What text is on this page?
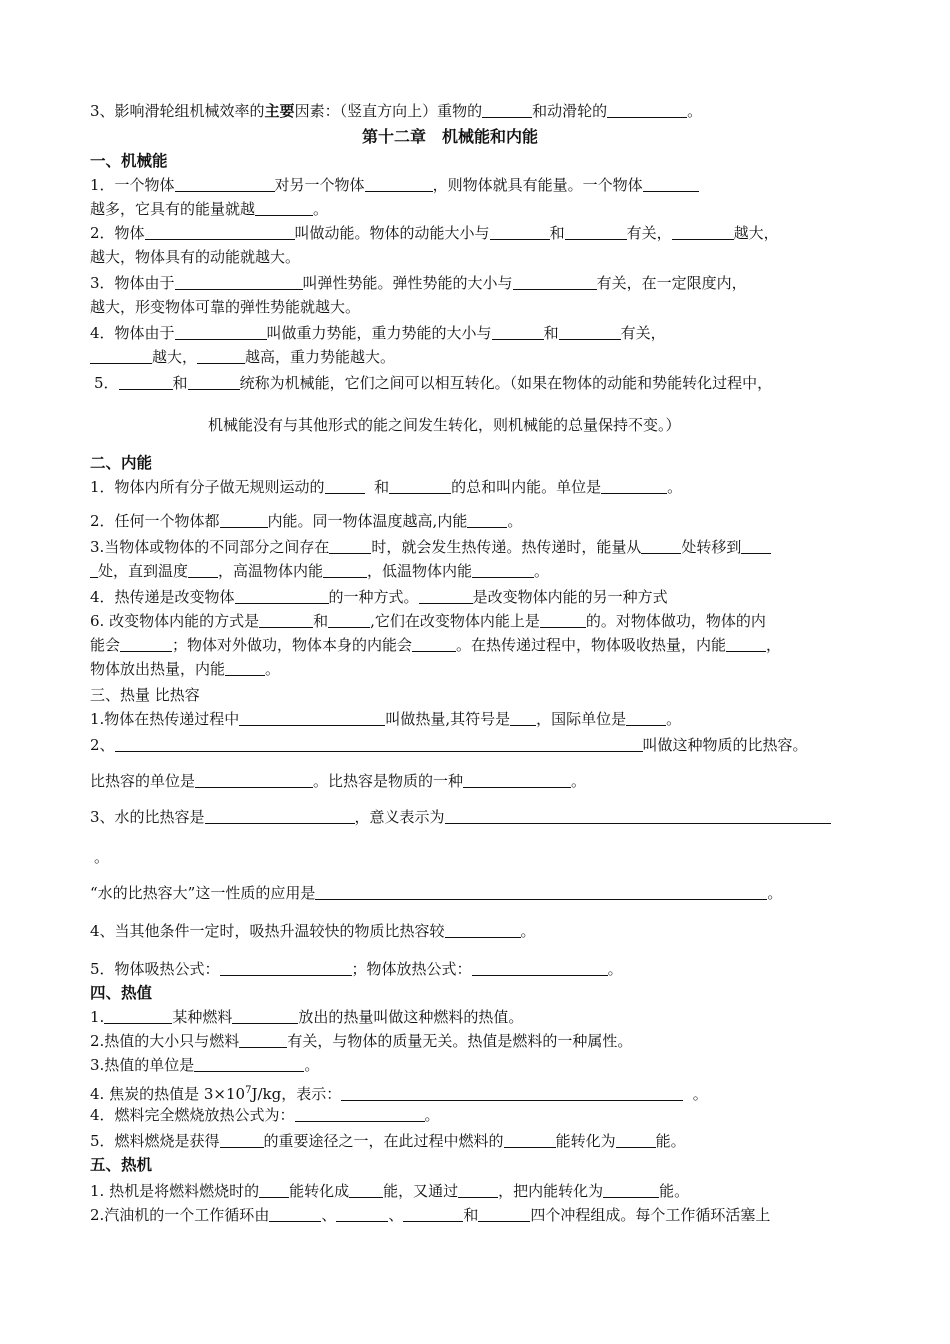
3、影响滑轮组机械效率的主要因素：（竖直方向上）重物的	和动滑轮的	。
第十二章　机械能和内能
一、机械能
1．一个物体	对另一个物体	，则物体就具有能量。一个物体
越多，它具有的能量就越	。
2．物体	叫做动能。物体的动能大小与	和	有关，	越大，
越大，物体具有的动能就越大。
3．物体由于	叫弹性势能。弹性势能的大小与	有关，在一定限度内，
越大，形变物体可靠的弹性势能就越大。
4．物体由于	叫做重力势能，重力势能的大小与	和	有关，
越大，	越高，重力势能越大。
5．	和	统称为机械能，它们之间可以相互转化。（如果在物体的动能和势能转化过程中，
机械能没有与其他形式的能之间发生转化，则机械能的总量保持不变。）
二、内能
1．物体内所有分子做无规则运动的	和	的总和叫内能。单位是	。
2．任何一个物体都	内能。同一物体温度越高,内能	。
3.当物体或物体的不同部分之间存在	时，就会发生热传递。热传递时，能量从	处转移到
处，直到温度 ，高温物体内能	，低温物体内能	。
4．热传递是改变物体	的一种方式。	是改变物体内能的另一种方式
6. 改变物体内能的方式是	和	,它们在改变物体内能上是	的。对物体做功，物体的内
能会	；物体对外做功，物体本身的内能会	。在热传递过程中，物体吸收热量，内能	，
物体放出热量，内能	。
三、热量 比热容
1.物体在热传递过程中	叫做热量,其符号是 ，国际单位是	。
2、	叫做这种物质的比热容。
比热容的单位是	。比热容是物质的一种	。
3、水的比热容是	，意义表示为
。
“水的比热容大”这一性质的应用是	。
4、当其他条件一定时，吸热升温较快的物质比热容较	。
5．物体吸热公式：	；物体放热公式：	。
四、热值
1.	某种燃料	放出的热量叫做这种燃料的热值。
2.热值的大小只与燃料	有关，与物体的质量无关。热值是燃料的一种属性。
3.热值的单位是	。
4. 焦炭的热值是 $3\times 10^7J/kg$，表示：	。
4．燃料完全燃烧放热公式为：	。
5．燃料燃烧是获得	的重要途径之一，在此过程中燃料的	能转化为	能。
五、热机
1. 热机是将燃料燃烧时的 能转化成 能，又通过	，把内能转化为	能。
2.汽油机的一个工作循环由	、	、	和	四个冲程组成。每个工作循环活塞上
